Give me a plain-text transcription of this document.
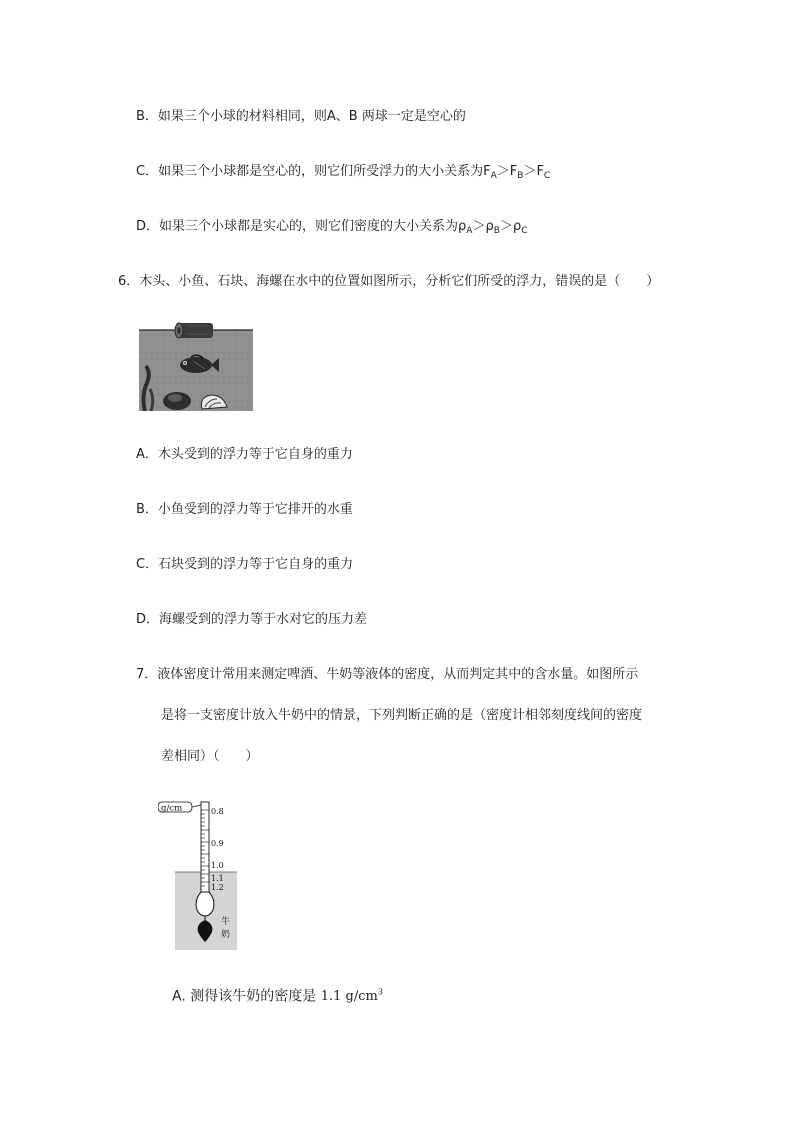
B．如果三个小球的材料相同，则A、B 两球一定是空心的
C．如果三个小球都是空心的，则它们所受浮力的大小关系为$F_A>F_B>F_C$
D．如果三个小球都是实心的，则它们密度的大小关系为$\rho_A>\rho_B>\rho_C$
6．木头、小鱼、石块、海螺在水中的位置如图所示，分析它们所受的浮力，错误的是（　　）
A．木头受到的浮力等于它自身的重力
B．小鱼受到的浮力等于它排开的水重
C．石块受到的浮力等于它自身的重力
D．海螺受到的浮力等于水对它的压力差
7．液体密度计常用来测定啤酒、牛奶等液体的密度，从而判定其中的含水量。如图所示
是将一支密度计放入牛奶中的情景，下列判断正确的是（密度计相邻刻度线间的密度
差相同）（　　）
g/cm	0.8
0.9
1.0
1.1
1.2
牛
奶
A. 测得该牛奶的密度是 1.1 $g/cm^3$
